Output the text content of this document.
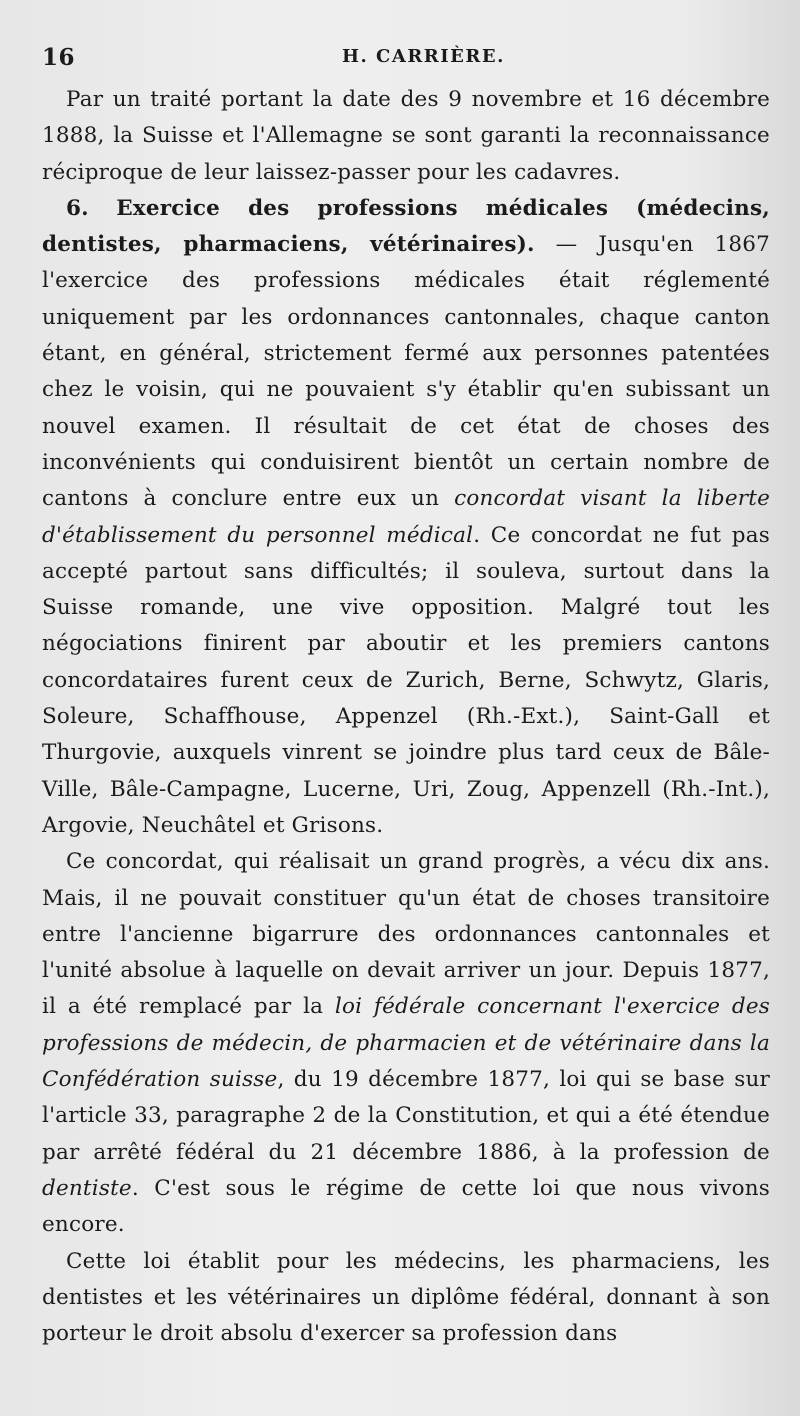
16	H. CARRIÈRE.

Par un traité portant la date des 9 novembre et 16 décembre 1888, la Suisse et l'Allemagne se sont garanti la reconnaissance réciproque de leur laissez-passer pour les cadavres.

6. Exercice des professions médicales (médecins, dentistes, pharmaciens, vétérinaires). — Jusqu'en 1867 l'exercice des professions médicales était réglementé uniquement par les ordonnances cantonnales, chaque canton étant, en général, strictement fermé aux personnes patentées chez le voisin, qui ne pouvaient s'y établir qu'en subissant un nouvel examen. Il résultait de cet état de choses des inconvénients qui conduisirent bientôt un certain nombre de cantons à conclure entre eux un concordat visant la liberte d'établissement du personnel médical. Ce concordat ne fut pas accepté partout sans difficultés; il souleva, surtout dans la Suisse romande, une vive opposition. Malgré tout les négociations finirent par aboutir et les premiers cantons concordataires furent ceux de Zurich, Berne, Schwytz, Glaris, Soleure, Schaffhouse, Appenzel (Rh.-Ext.), Saint-Gall et Thurgovie, auxquels vinrent se joindre plus tard ceux de Bâle-Ville, Bâle-Campagne, Lucerne, Uri, Zoug, Appenzell (Rh.-Int.), Argovie, Neuchâtel et Grisons.

Ce concordat, qui réalisait un grand progrès, a vécu dix ans. Mais, il ne pouvait constituer qu'un état de choses transitoire entre l'ancienne bigarrure des ordonnances cantonnales et l'unité absolue à laquelle on devait arriver un jour. Depuis 1877, il a été remplacé par la loi fédérale concernant l'exercice des professions de médecin, de pharmacien et de vétérinaire dans la Confédération suisse, du 19 décembre 1877, loi qui se base sur l'article 33, paragraphe 2 de la Constitution, et qui a été étendue par arrêté fédéral du 21 décembre 1886, à la profession de dentiste. C'est sous le régime de cette loi que nous vivons encore.

Cette loi établit pour les médecins, les pharmaciens, les dentistes et les vétérinaires un diplôme fédéral, donnant à son porteur le droit absolu d'exercer sa profession dans
